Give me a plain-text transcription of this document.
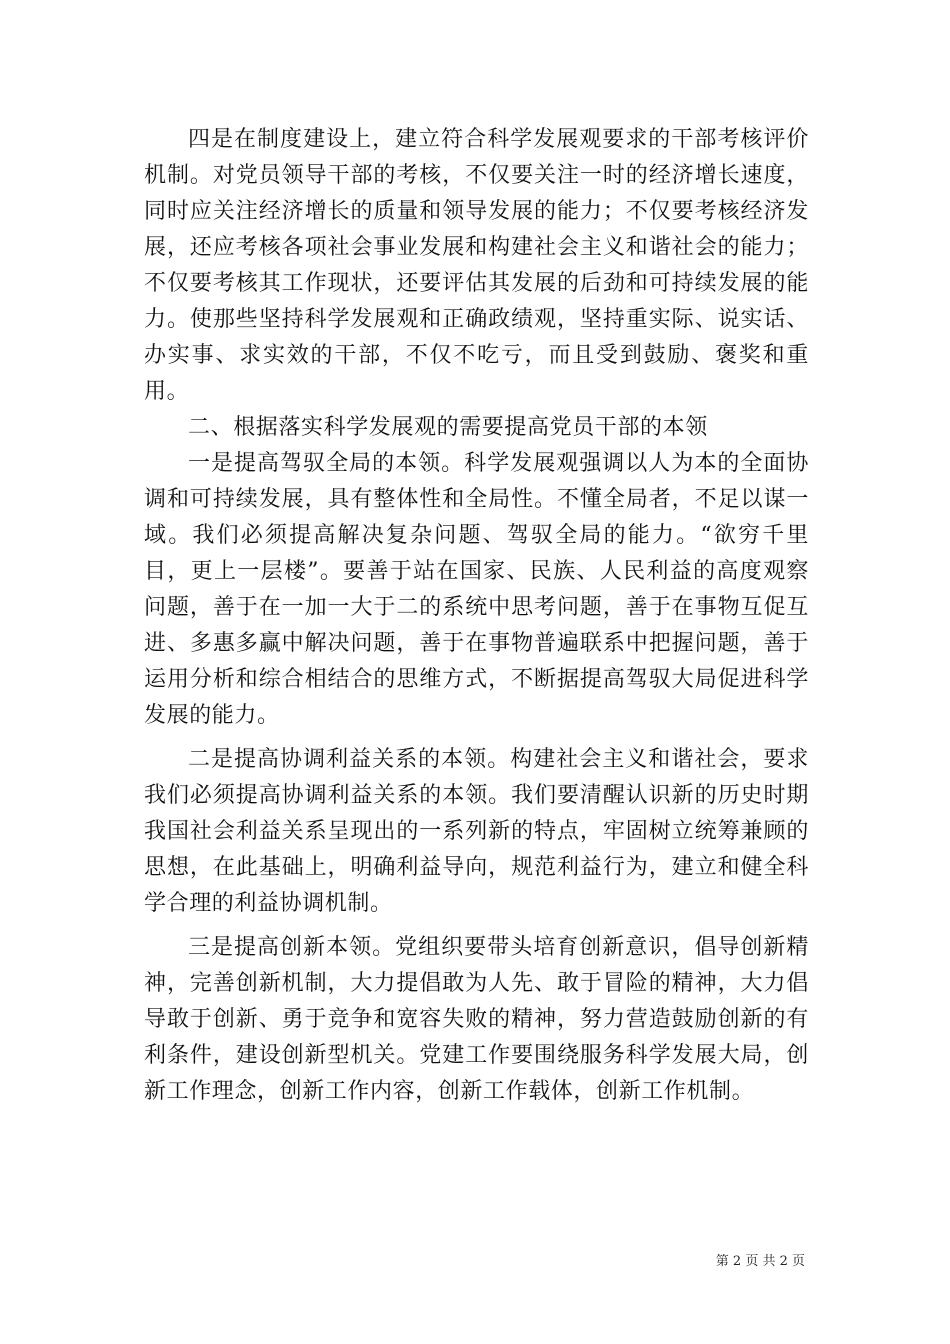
四是在制度建设上，建立符合科学发展观要求的干部考核评价机制。对党员领导干部的考核，不仅要关注一时的经济增长速度，同时应关注经济增长的质量和领导发展的能力；不仅要考核经济发展，还应考核各项社会事业发展和构建社会主义和谐社会的能力；不仅要考核其工作现状，还要评估其发展的后劲和可持续发展的能力。使那些坚持科学发展观和正确政绩观，坚持重实际、说实话、办实事、求实效的干部，不仅不吃亏，而且受到鼓励、褒奖和重用。

二、根据落实科学发展观的需要提高党员干部的本领

一是提高驾驭全局的本领。科学发展观强调以人为本的全面协调和可持续发展，具有整体性和全局性。不懂全局者，不足以谋一域。我们必须提高解决复杂问题、驾驭全局的能力。“欲穷千里目，更上一层楼”。要善于站在国家、民族、人民利益的高度观察问题，善于在一加一大于二的系统中思考问题，善于在事物互促互进、多惠多赢中解决问题，善于在事物普遍联系中把握问题，善于运用分析和综合相结合的思维方式，不断据提高驾驭大局促进科学发展的能力。

二是提高协调利益关系的本领。构建社会主义和谐社会，要求我们必须提高协调利益关系的本领。我们要清醒认识新的历史时期我国社会利益关系呈现出的一系列新的特点，牢固树立统筹兼顾的思想，在此基础上，明确利益导向，规范利益行为，建立和健全科学合理的利益协调机制。

三是提高创新本领。党组织要带头培育创新意识，倡导创新精神，完善创新机制，大力提倡敢为人先、敢于冒险的精神，大力倡导敢于创新、勇于竞争和宽容失败的精神，努力营造鼓励创新的有利条件，建设创新型机关。党建工作要围绕服务科学发展大局，创新工作理念，创新工作内容，创新工作载体，创新工作机制。

第 2 页 共 2 页
